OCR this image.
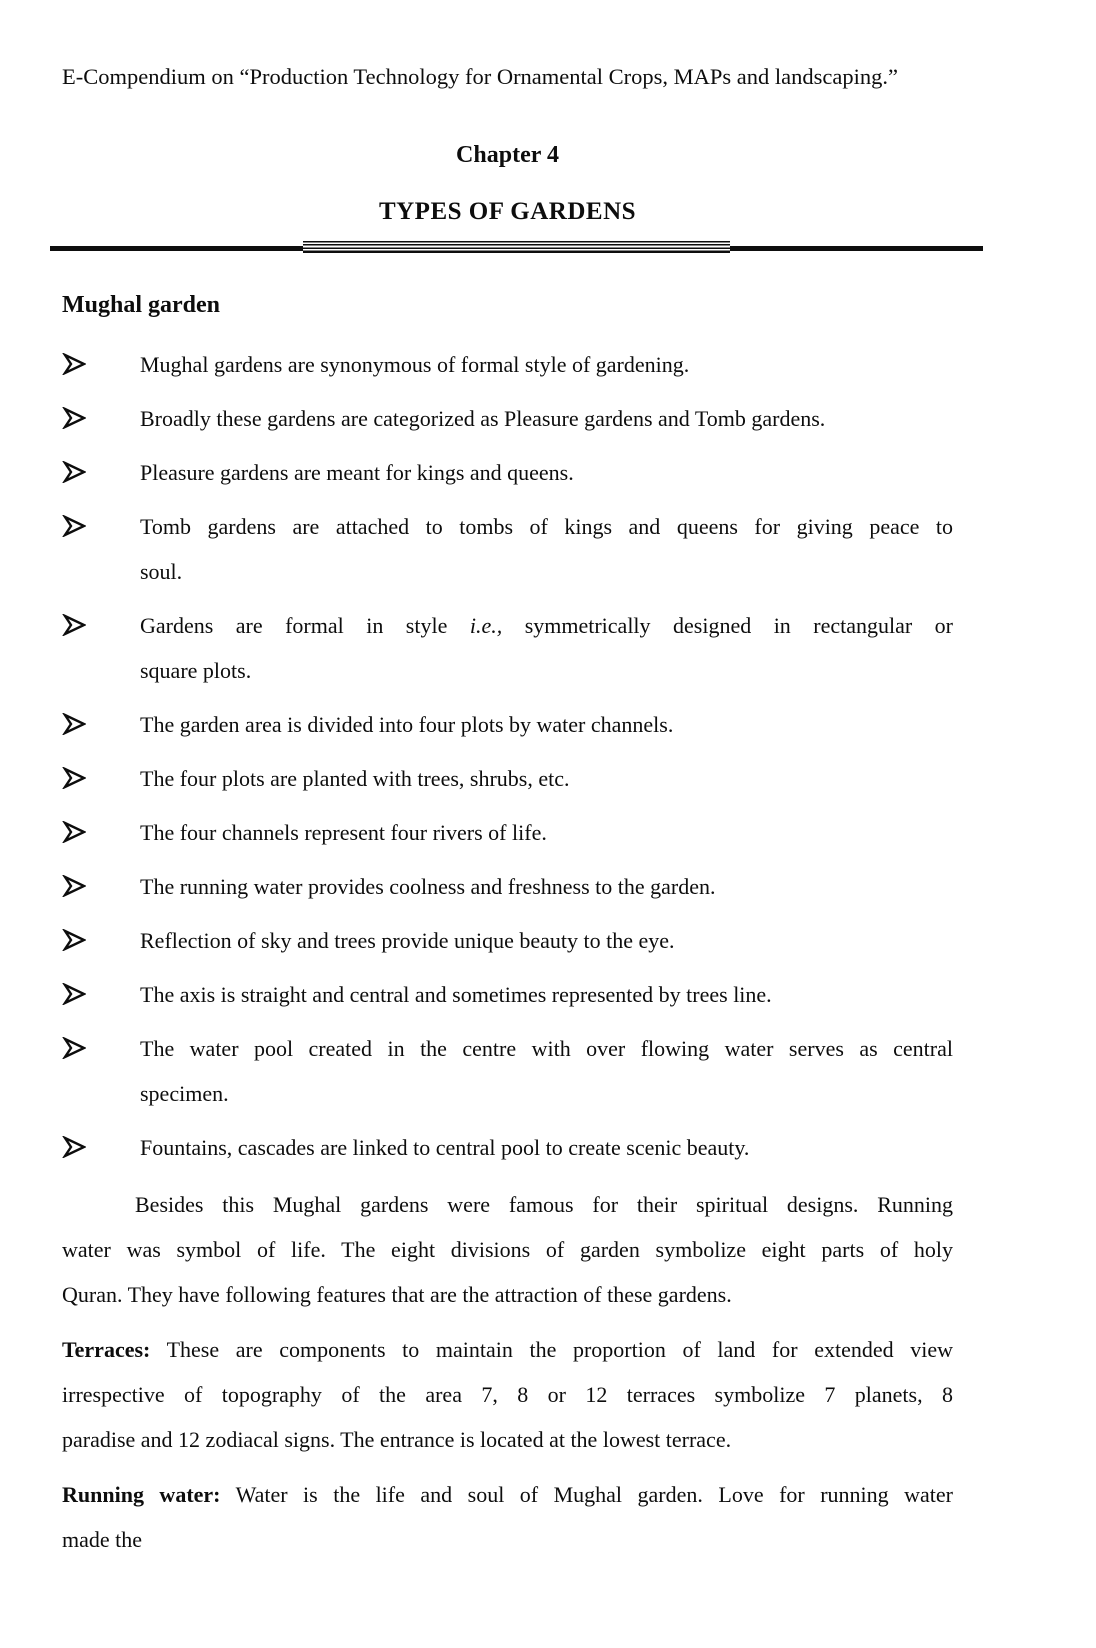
E-Compendium on “Production Technology for Ornamental Crops, MAPs and landscaping.”
Chapter 4
TYPES OF GARDENS
Mughal garden
Mughal gardens are synonymous of formal style of gardening.
Broadly these gardens are categorized as Pleasure gardens and Tomb gardens.
Pleasure gardens are meant for kings and queens.
Tomb gardens are attached to tombs of kings and queens for giving peace to
soul.
Gardens are formal in style i.e., symmetrically designed in rectangular or
square plots.
The garden area is divided into four plots by water channels.
The four plots are planted with trees, shrubs, etc.
The four channels represent four rivers of life.
The running water provides coolness and freshness to the garden.
Reflection of sky and trees provide unique beauty to the eye.
The axis is straight and central and sometimes represented by trees line.
The water pool created in the centre with over flowing water serves as central
specimen.
Fountains, cascades are linked to central pool to create scenic beauty.
Besides this Mughal gardens were famous for their spiritual designs. Running
water was symbol of life. The eight divisions of garden symbolize eight parts of holy
Quran. They have following features that are the attraction of these gardens.
Terraces: These are components to maintain the proportion of land for extended view
irrespective of topography of the area 7, 8 or 12 terraces symbolize 7 planets, 8
paradise and 12 zodiacal signs. The entrance is located at the lowest terrace.
Running water: Water is the life and soul of Mughal garden. Love for running water
made the
